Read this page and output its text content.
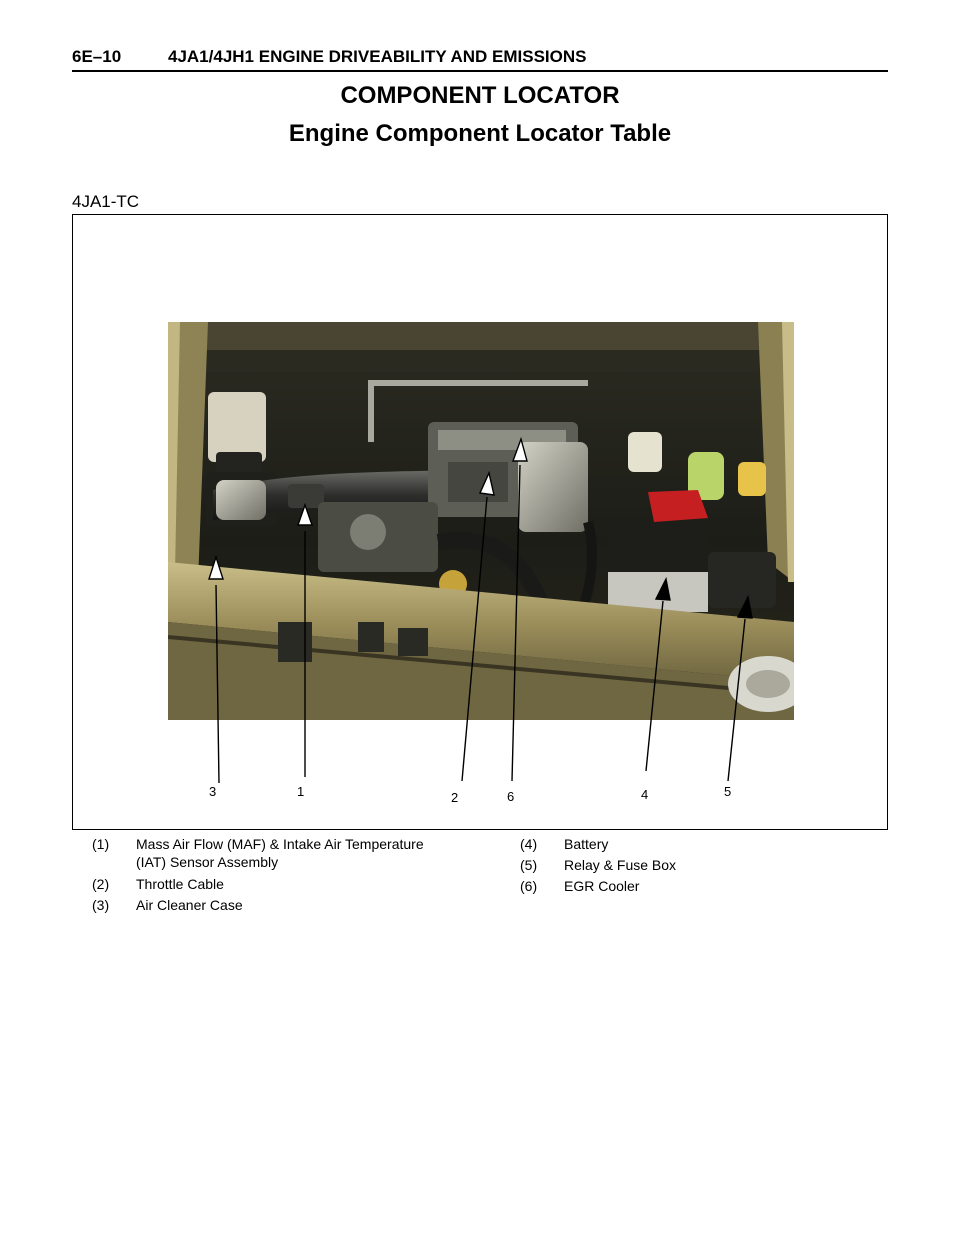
6E–10	4JA1/4JH1 ENGINE DRIVEABILITY AND EMISSIONS
COMPONENT LOCATOR
Engine Component Locator Table
4JA1-TC
3	1	2	6	4	5
(1) Mass Air Flow (MAF) & Intake Air Temperature
(IAT) Sensor Assembly
(2) Throttle Cable
(3) Air Cleaner Case
(4) Battery
(5) Relay & Fuse Box
(6) EGR Cooler
